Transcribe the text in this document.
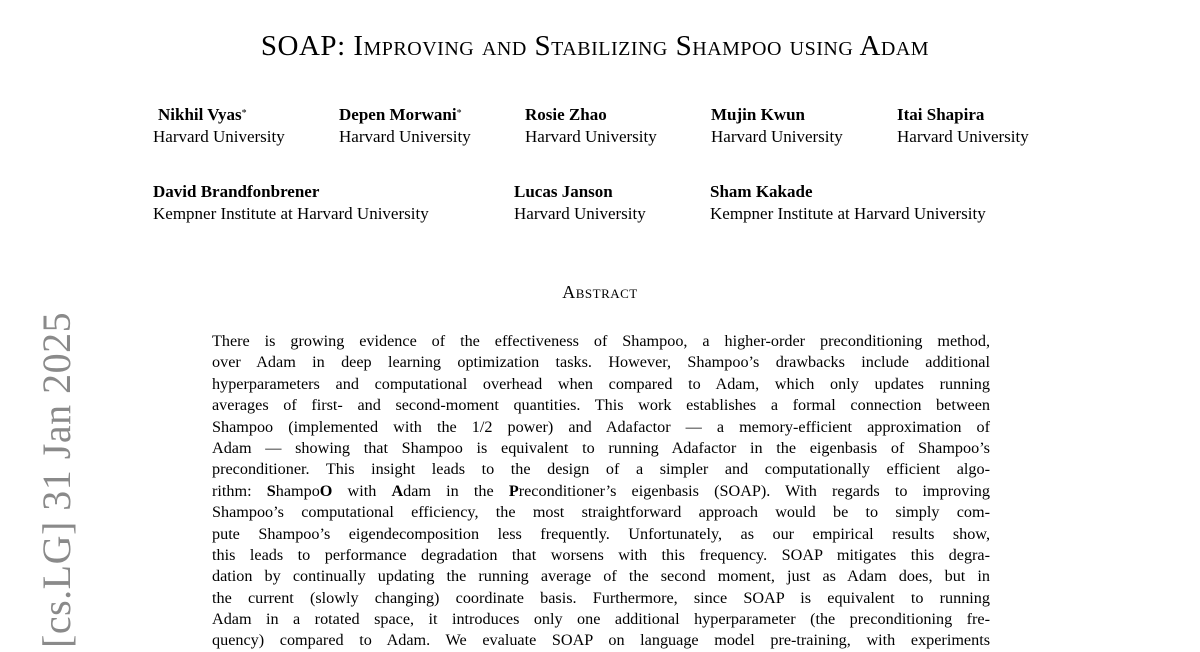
SOAP: Improving and Stabilizing Shampoo using Adam
Nikhil Vyas*
Harvard University
Depen Morwani*
Harvard University
Rosie Zhao
Harvard University
Mujin Kwun
Harvard University
Itai Shapira
Harvard University
David Brandfonbrener
Kempner Institute at Harvard University
Lucas Janson
Harvard University
Sham Kakade
Kempner Institute at Harvard University
Abstract
There is growing evidence of the effectiveness of Shampoo, a higher-order preconditioning method,
over Adam in deep learning optimization tasks. However, Shampoo’s drawbacks include additional
hyperparameters and computational overhead when compared to Adam, which only updates running
averages of first- and second-moment quantities. This work establishes a formal connection between
Shampoo (implemented with the 1/2 power) and Adafactor — a memory-efficient approximation of
Adam — showing that Shampoo is equivalent to running Adafactor in the eigenbasis of Shampoo’s
preconditioner. This insight leads to the design of a simpler and computationally efficient algo-
rithm: ShampoO with Adam in the Preconditioner’s eigenbasis (SOAP). With regards to improving
Shampoo’s computational efficiency, the most straightforward approach would be to simply com-
pute Shampoo’s eigendecomposition less frequently. Unfortunately, as our empirical results show,
this leads to performance degradation that worsens with this frequency. SOAP mitigates this degra-
dation by continually updating the running average of the second moment, just as Adam does, but in
the current (slowly changing) coordinate basis. Furthermore, since SOAP is equivalent to running
Adam in a rotated space, it introduces only one additional hyperparameter (the preconditioning fre-
quency) compared to Adam. We evaluate SOAP on language model pre-training, with experiments
[cs.LG] 31 Jan 2025
